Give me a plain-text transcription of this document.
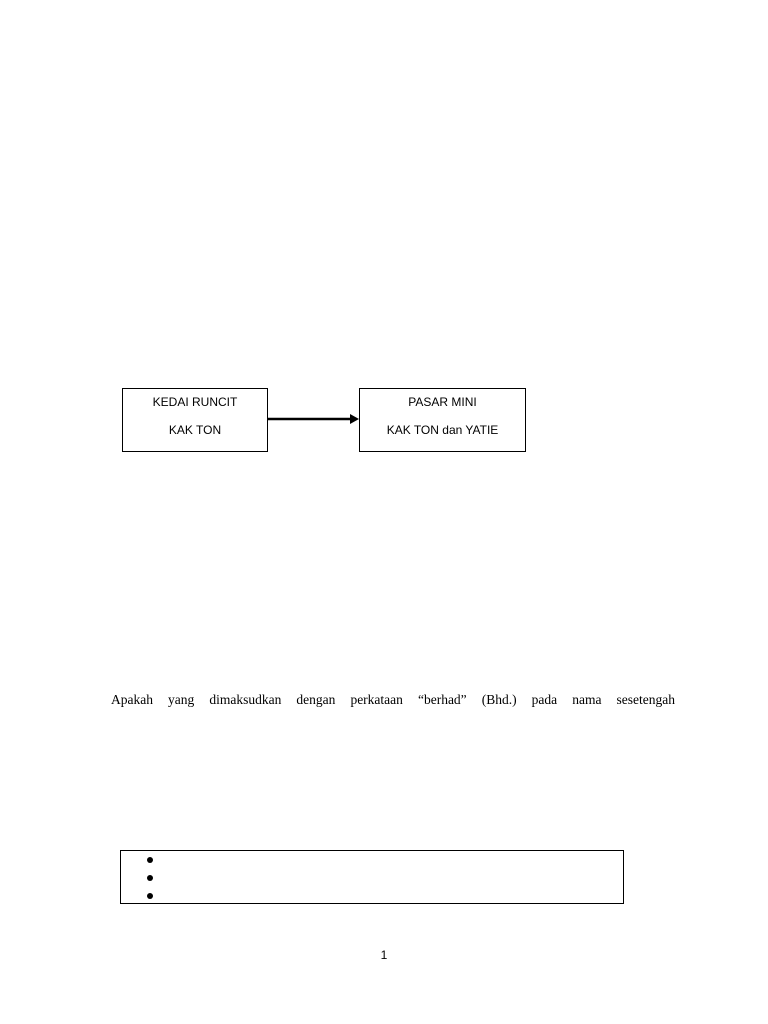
KEDAI RUNCIT
KAK TON
PASAR MINI
KAK TON dan YATIE
Apakah yang dimaksudkan dengan perkataan “berhad” (Bhd.) pada nama sesetengah
1
